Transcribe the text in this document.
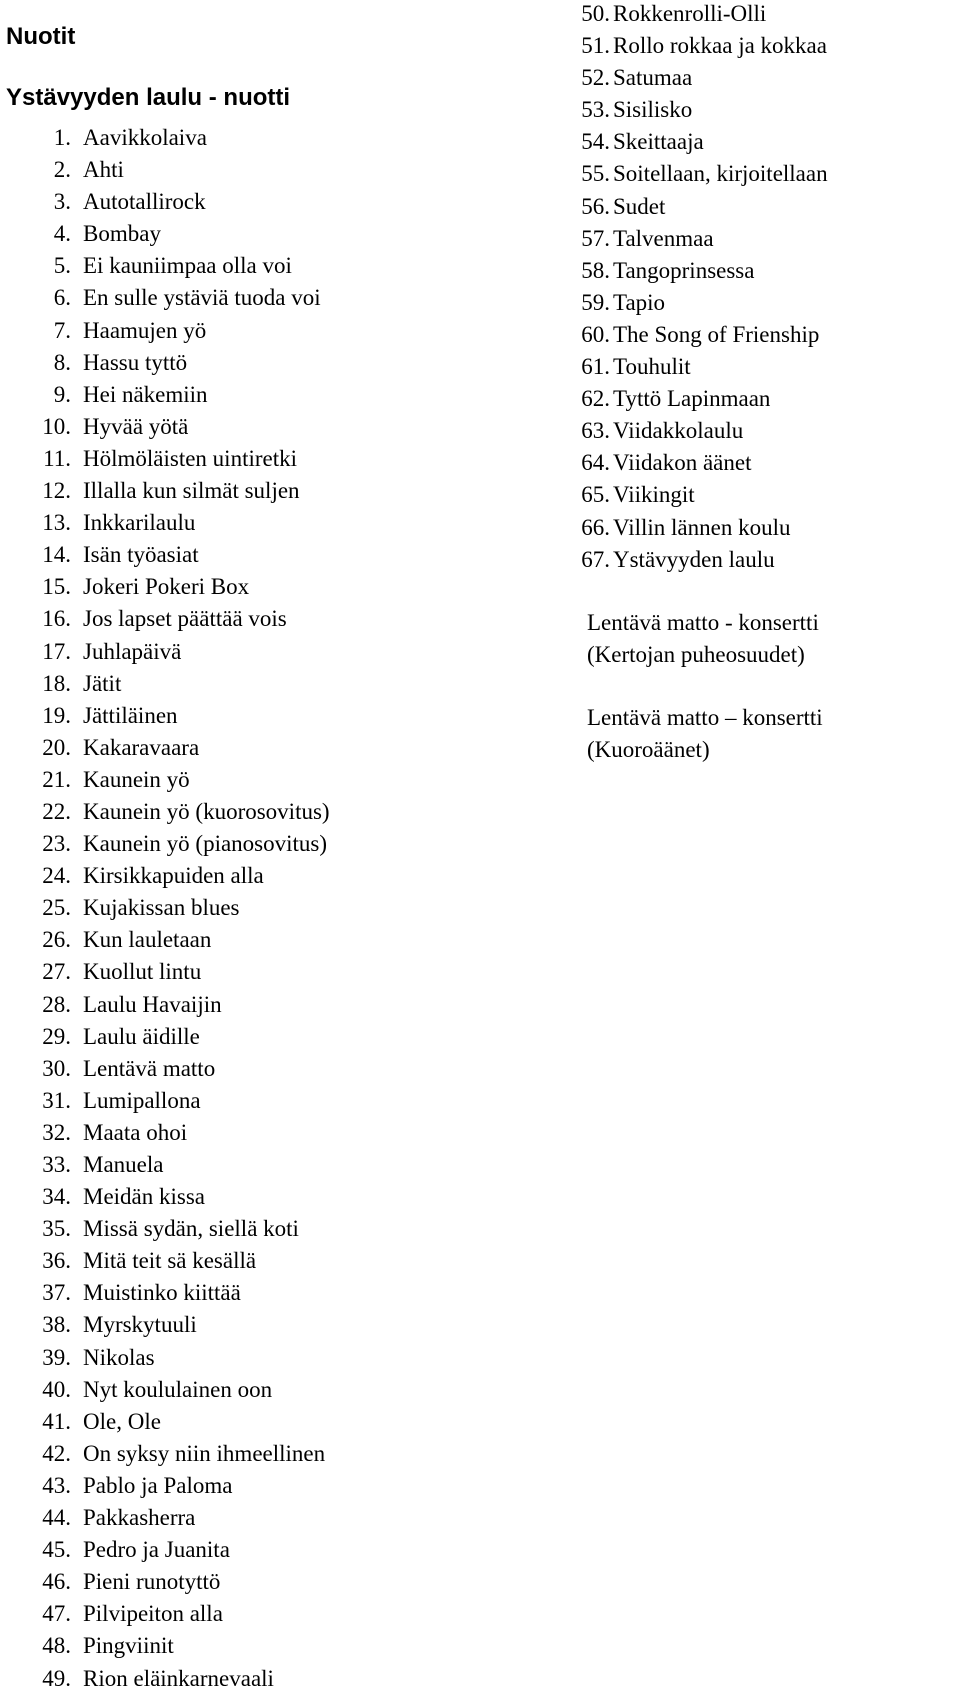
Nuotit
Ystävyyden laulu - nuotti
1. Aavikkolaiva
2. Ahti
3. Autotallirock
4. Bombay
5. Ei kauniimpaa olla voi
6. En sulle ystäviä tuoda voi
7. Haamujen yö
8. Hassu tyttö
9. Hei näkemiin
10. Hyvää yötä
11. Hölmöläisten uintiretki
12. Illalla kun silmät suljen
13. Inkkarilaulu
14. Isän työasiat
15. Jokeri Pokeri Box
16. Jos lapset päättää vois
17. Juhlapäivä
18. Jätit
19. Jättiläinen
20. Kakaravaara
21. Kaunein yö
22. Kaunein yö (kuorosovitus)
23. Kaunein yö (pianosovitus)
24. Kirsikkapuiden alla
25. Kujakissan blues
26. Kun lauletaan
27. Kuollut lintu
28. Laulu Havaijin
29. Laulu äidille
30. Lentävä matto
31. Lumipallona
32. Maata ohoi
33. Manuela
34. Meidän kissa
35. Missä sydän, siellä koti
36. Mitä teit sä kesällä
37. Muistinko kiittää
38. Myrskytuuli
39. Nikolas
40. Nyt koululainen oon
41. Ole, Ole
42. On syksy niin ihmeellinen
43. Pablo ja Paloma
44. Pakkasherra
45. Pedro ja Juanita
46. Pieni runotyttö
47. Pilvipeiton alla
48. Pingviinit
49. Rion eläinkarnevaali
50. Rokkenrolli-Olli
51. Rollo rokkaa ja kokkaa
52. Satumaa
53. Sisilisko
54. Skeittaaja
55. Soitellaan, kirjoitellaan
56. Sudet
57. Talvenmaa
58. Tangoprinsessa
59. Tapio
60. The Song of Frienship
61. Touhulit
62. Tyttö Lapinmaan
63. Viidakkolaulu
64. Viidakon äänet
65. Viikingit
66. Villin lännen koulu
67. Ystävyyden laulu
Lentävä matto - konsertti
(Kertojan puheosuudet)
Lentävä matto – konsertti
(Kuoroäänet)
